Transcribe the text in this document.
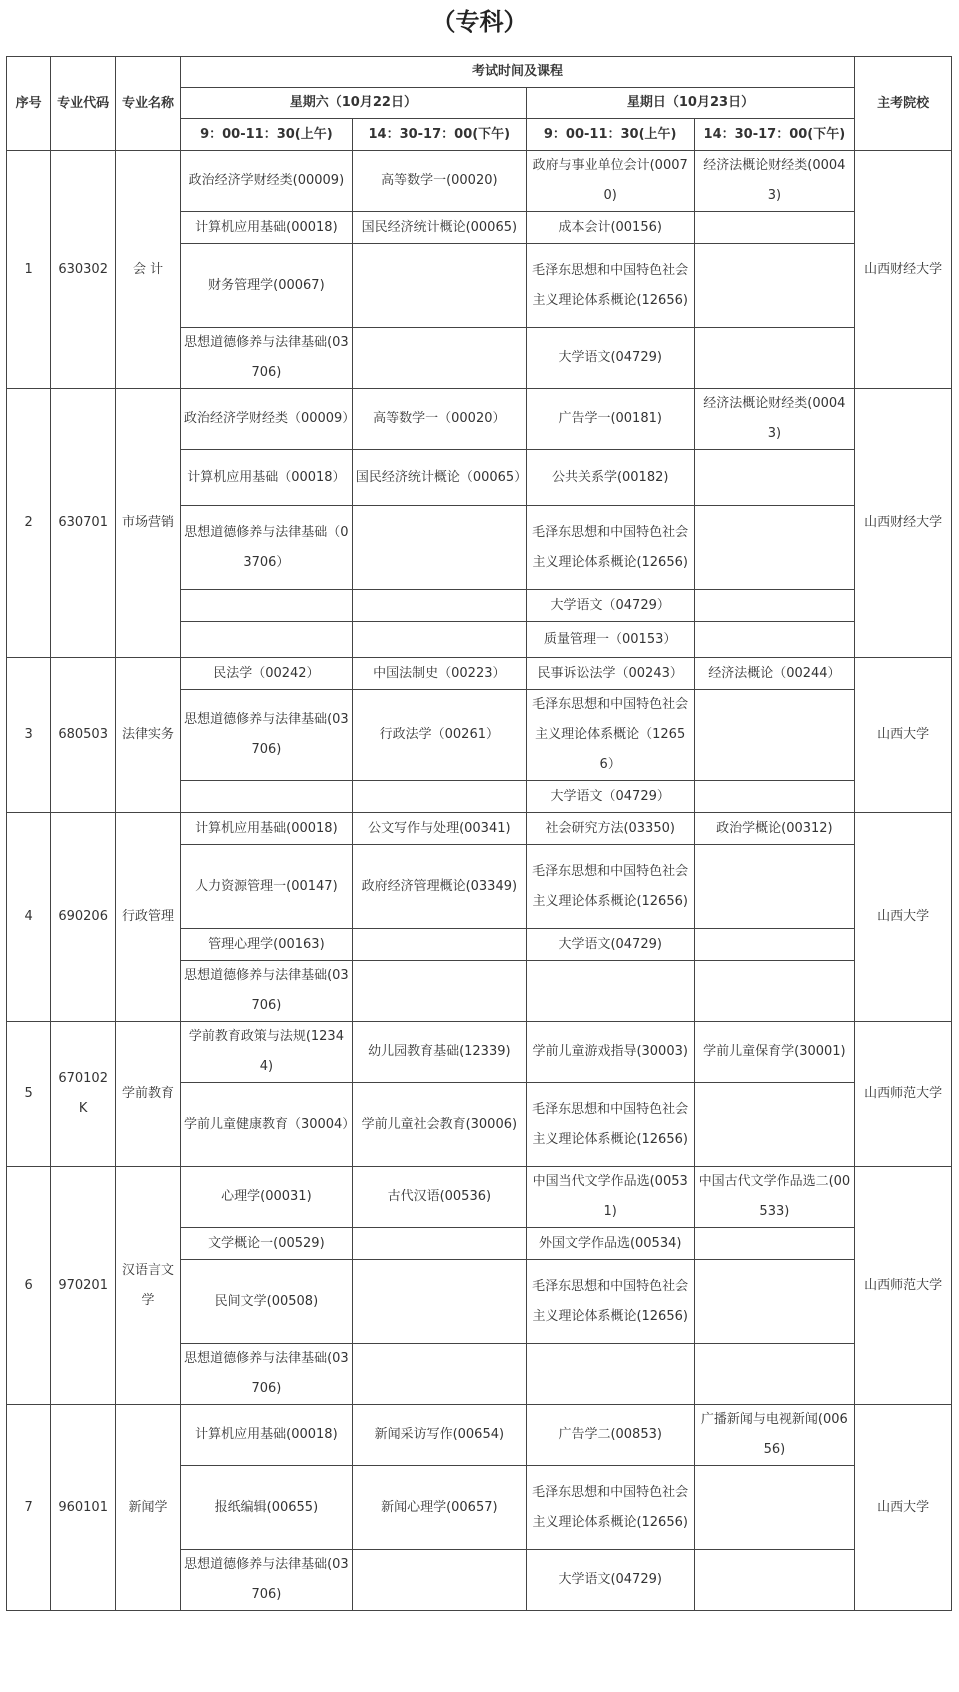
（专科）
序号	专业代码	专业名称	考试时间及课程				主考院校
			星期六（10月22日）		星期日（10月23日）		
			9：00-11：30(上午)	14：30-17：00(下午)	9：00-11：30(上午)	14：30-17：00(下午)	
1	630302	会 计	政治经济学财经类(00009)	高等数学一(00020)	政府与事业单位会计(00070)	经济法概论财经类(00043)	山西财经大学
			计算机应用基础(00018)	国民经济统计概论(00065)	成本会计(00156)		
			财务管理学(00067)		毛泽东思想和中国特色社会主义理论体系概论(12656)		
			思想道德修养与法律基础(03706)		大学语文(04729)		
2	630701	市场营销	政治经济学财经类（00009）	高等数学一（00020）	广告学一(00181)	经济法概论财经类(00043)	山西财经大学
			计算机应用基础（00018）	国民经济统计概论（00065）	公共关系学(00182)		
			思想道德修养与法律基础（03706）		毛泽东思想和中国特色社会主义理论体系概论(12656)		
					大学语文（04729）		
					质量管理一（00153）		
3	680503	法律实务	民法学（00242）	中国法制史（00223）	民事诉讼法学（00243）	经济法概论（00244）	山西大学
			思想道德修养与法律基础(03706)	行政法学（00261）	毛泽东思想和中国特色社会主义理论体系概论（12656）		
					大学语文（04729）		
4	690206	行政管理	计算机应用基础(00018)	公文写作与处理(00341)	社会研究方法(03350)	政治学概论(00312)	山西大学
			人力资源管理一(00147)	政府经济管理概论(03349)	毛泽东思想和中国特色社会主义理论体系概论(12656)		
			管理心理学(00163)		大学语文(04729)		
			思想道德修养与法律基础(03706)				
5	670102K	学前教育	学前教育政策与法规(12344)	幼儿园教育基础(12339)	学前儿童游戏指导(30003)	学前儿童保育学(30001)	山西师范大学
			学前儿童健康教育（30004）	学前儿童社会教育(30006)	毛泽东思想和中国特色社会主义理论体系概论(12656)		
6	970201	汉语言文学	心理学(00031)	古代汉语(00536)	中国当代文学作品选(00531)	中国古代文学作品选二(00533)	山西师范大学
			文学概论一(00529)		外国文学作品选(00534)		
			民间文学(00508)		毛泽东思想和中国特色社会主义理论体系概论(12656)		
			思想道德修养与法律基础(03706)				
7	960101	新闻学	计算机应用基础(00018)	新闻采访写作(00654)	广告学二(00853)	广播新闻与电视新闻(00656)	山西大学
			报纸编辑(00655)	新闻心理学(00657)	毛泽东思想和中国特色社会主义理论体系概论(12656)		
			思想道德修养与法律基础(03706)		大学语文(04729)		
